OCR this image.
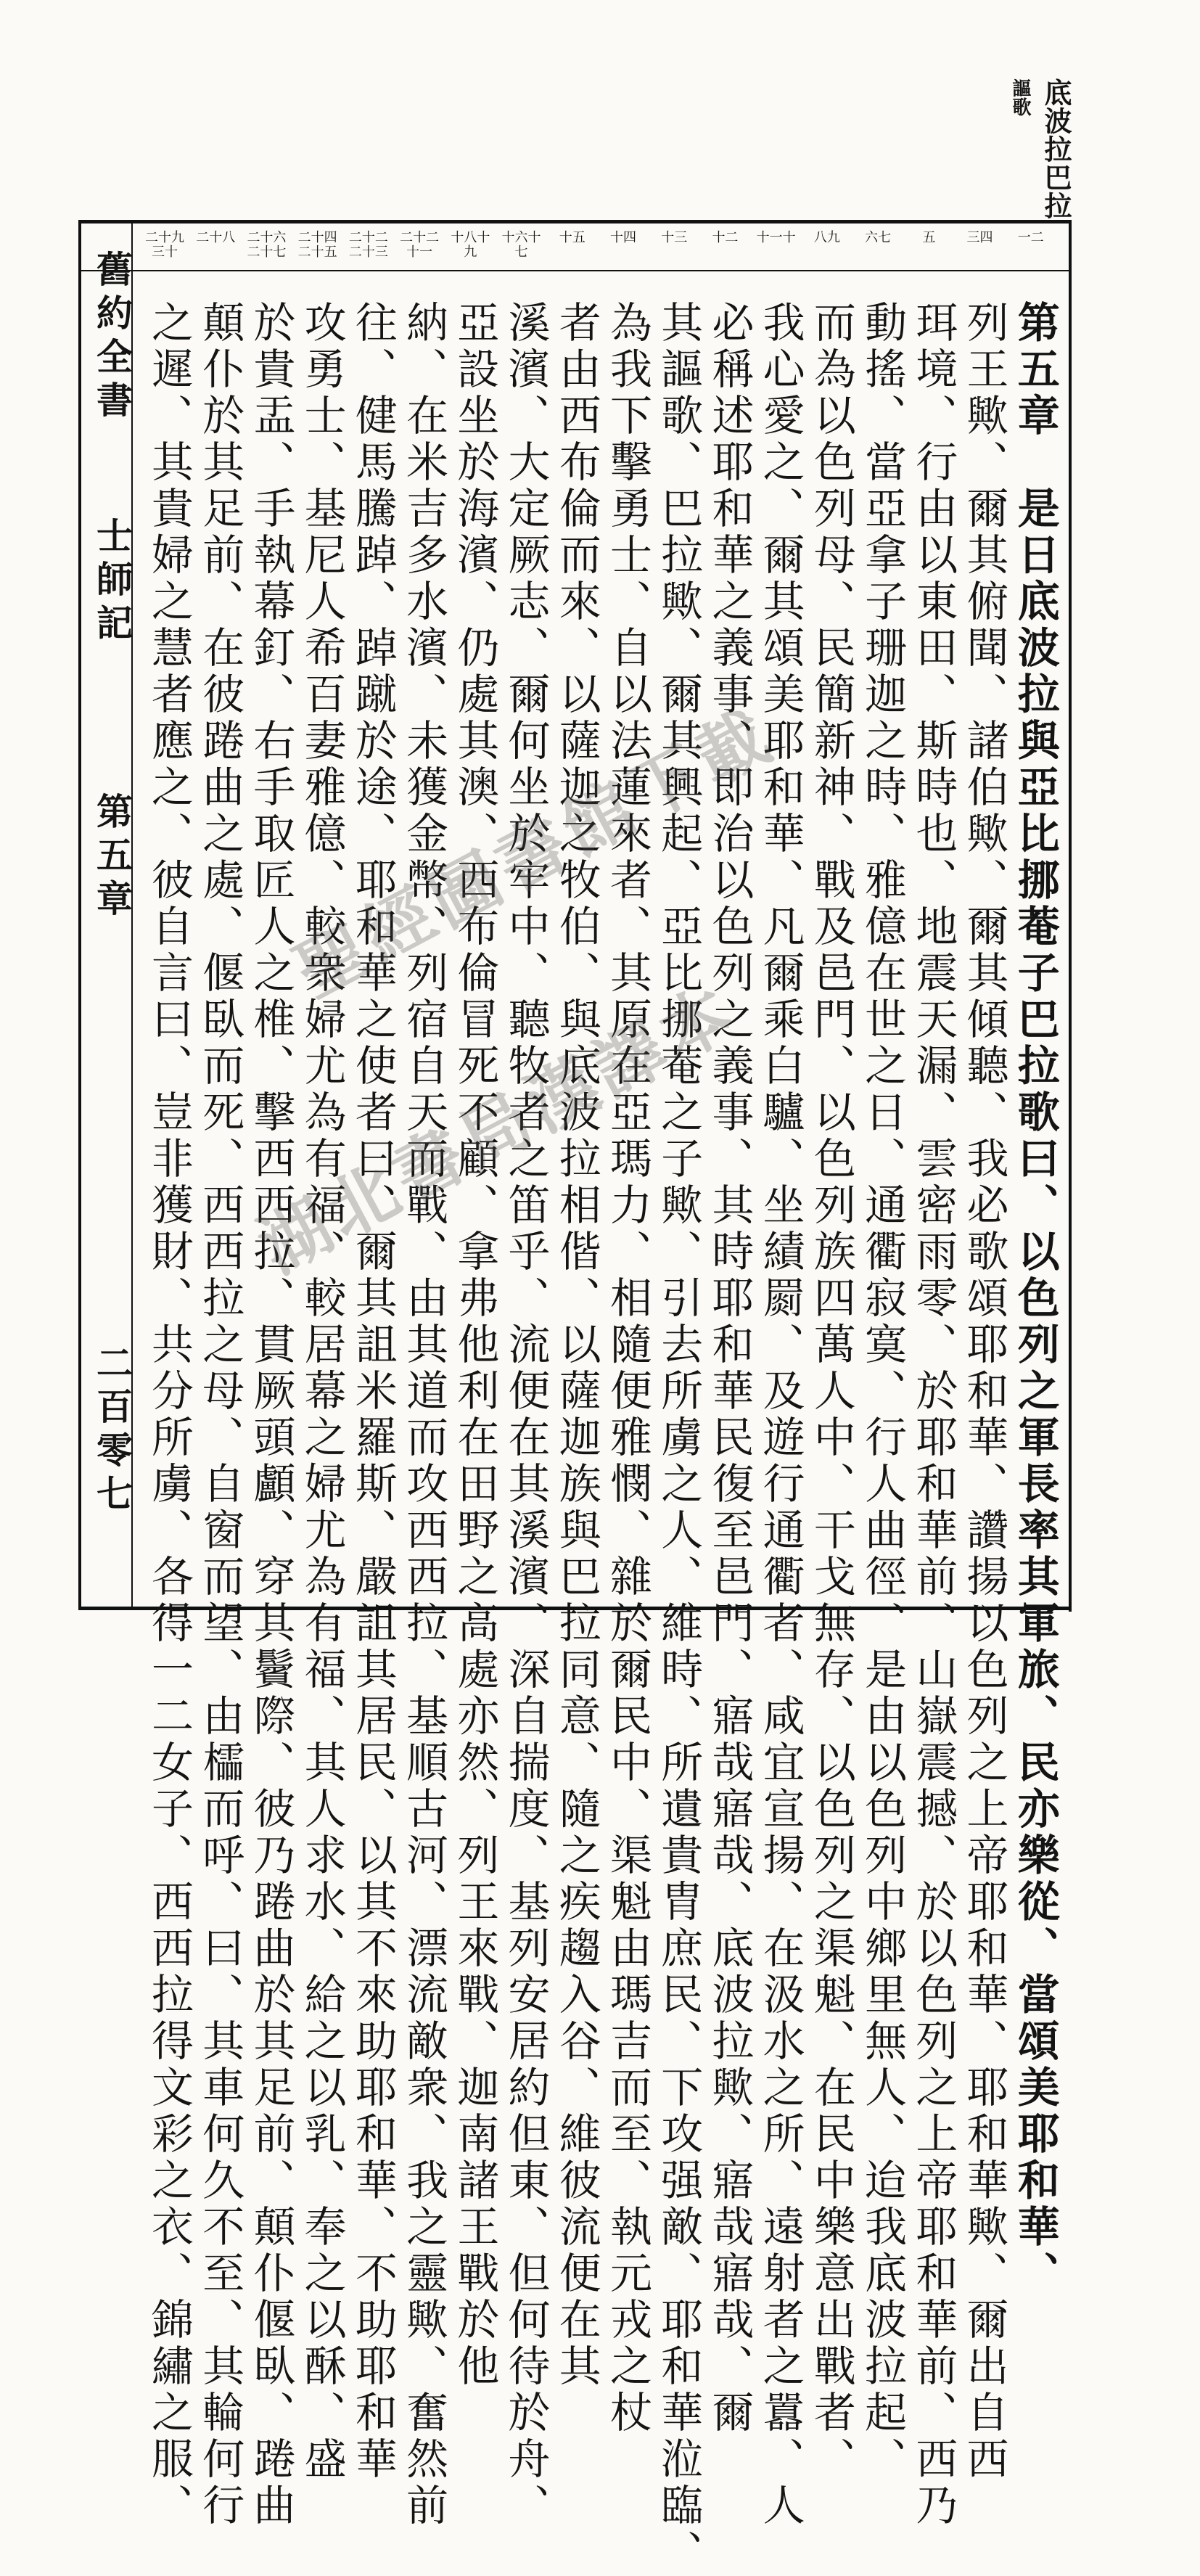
底波拉巴拉
謳歌
舊約全書
士師記
第五章
二百零七
一二
三四
五
六七
八九
十一十
十二
十三
十四
十五
十六十七
十八十九
二十二十一
二十二二十三
二十四二十五
二十六二十七
二十八
二十九三十
第五章　是日底波拉與亞比挪菴子巴拉歌曰、以色列之軍長率其軍旅、民亦樂從、當頌美耶和華、
列王歟、爾其俯聞、諸伯歟、爾其傾聽、我必歌頌耶和華、讚揚以色列之上帝耶和華、耶和華歟、爾出自西
珥境、行由以東田、斯時也、地震天漏、雲密雨零、於耶和華前、山嶽震撼、於以色列之上帝耶和華前、西乃
動搖、當亞拿子珊迦之時、雅億在世之日、通衢寂寞、行人曲徑、是由以色列中鄉里無人、迨我底波拉起、
而為以色列母、民簡新神、戰及邑門、以色列族四萬人中、干戈無存、以色列之渠魁、在民中樂意出戰者、
我心愛之、爾其頌美耶和華、凡爾乘白驢、坐績罽、及遊行通衢者、咸宜宣揚、在汲水之所、遠射者之囂、人
必稱述耶和華之義事、即治以色列之義事、其時耶和華民復至邑門、寤哉寤哉、底波拉歟、寤哉寤哉、爾
其謳歌、巴拉歟、爾其興起、亞比挪菴之子歟、引去所虜之人、維時、所遺貴胄庶民、下攻强敵、耶和華涖臨、
為我下擊勇士、自以法蓮來者、其原在亞瑪力、相隨便雅憫、雜於爾民中、渠魁由瑪吉而至、執元戎之杖
者由西布倫而來、以薩迦之牧伯、與底波拉相偕、以薩迦族與巴拉同意、隨之疾趨入谷、維彼流便在其
溪濱、大定厥志、爾何坐於牢中、聽牧者之笛乎、流便在其溪濱、深自揣度、基列安居約但東、但何待於舟、
亞設坐於海濱、仍處其澳、西布倫冒死不顧、拿弗他利在田野之高處亦然、列王來戰、迦南諸王戰於他
納、在米吉多水濱、未獲金幣、列宿自天而戰、由其道而攻西西拉、基順古河、漂流敵衆、我之靈歟、奮然前
往、健馬騰踔、踔蹴於途、耶和華之使者曰、爾其詛米羅斯、嚴詛其居民、以其不來助耶和華、不助耶和華
攻勇士、基尼人希百妻雅億、較衆婦尤為有福、較居幕之婦尤為有福、其人求水、給之以乳、奉之以酥、盛
於貴盂、手執幕釘、右手取匠人之椎、擊西西拉、貫厥頭顱、穿其鬢際、彼乃踡曲於其足前、顛仆偃臥、踡曲
顛仆於其足前、在彼踡曲之處、偃臥而死、西西拉之母、自窗而望、由櫺而呼、曰、其車何久不至、其輪何行
之遲、其貴婦之慧者應之、彼自言曰、豈非獲財、共分所虜、各得一二女子、西西拉得文彩之衣、錦繡之服、 聖經圖書館下載
湖北書局漢譯本
